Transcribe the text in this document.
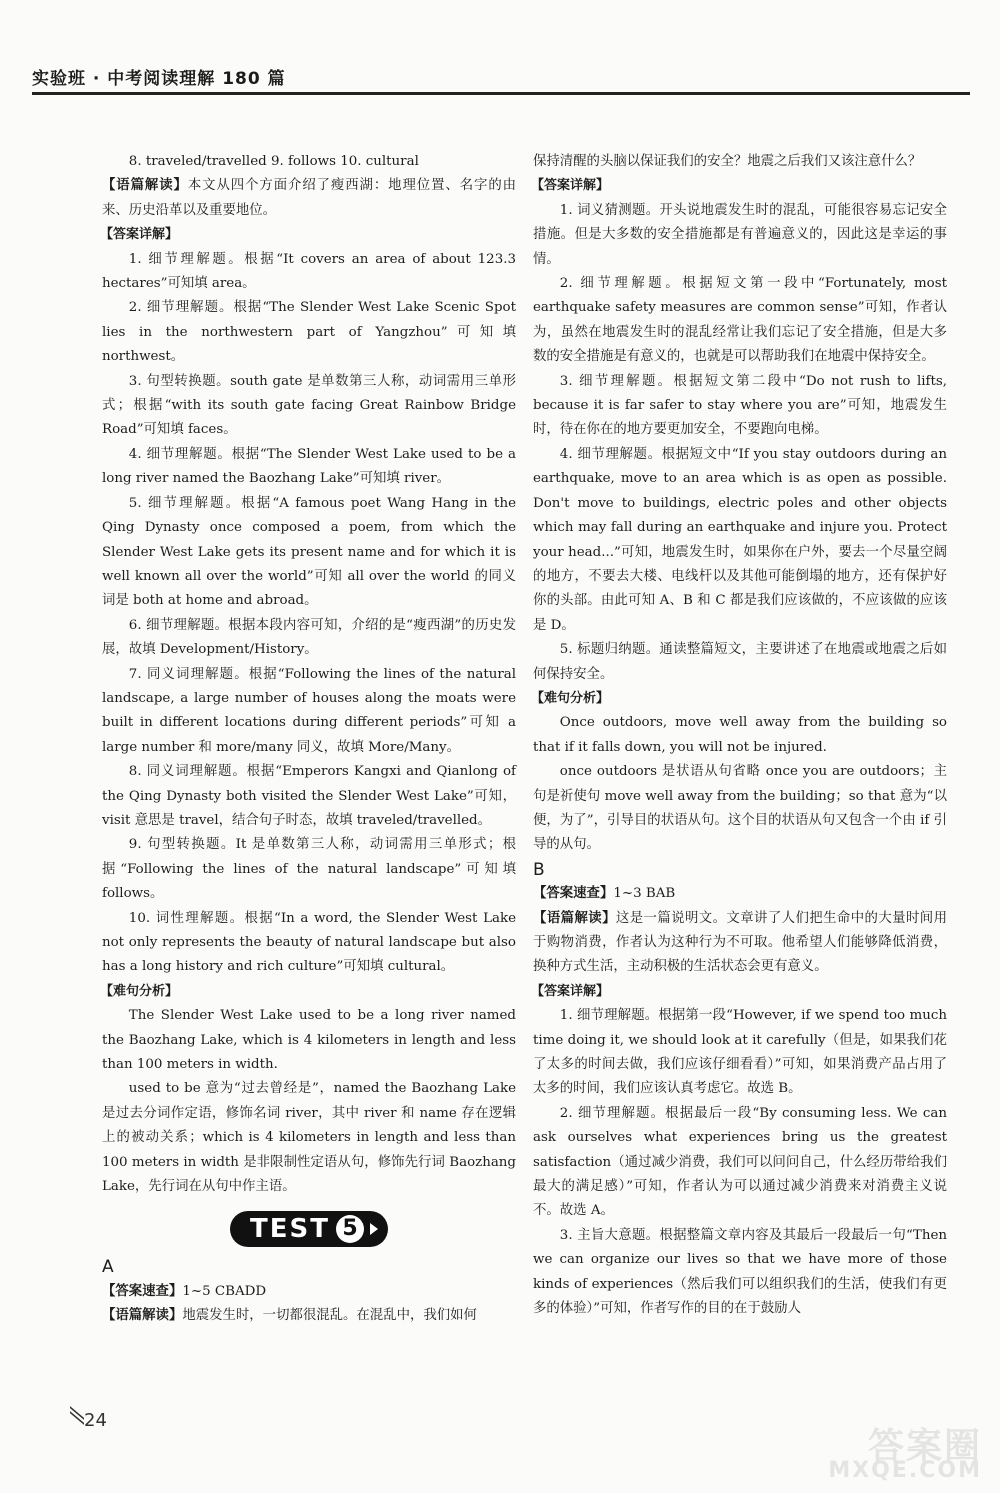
实验班 · 中考阅读理解 180 篇

8. traveled/travelled 9. follows 10. cultural

【语篇解读】本文从四个方面介绍了瘦西湖：地理位置、名字的由来、历史沿革以及重要地位。

【答案详解】

1. 细节理解题。根据“It covers an area of about 123.3 hectares”可知填 area。

2. 细节理解题。根据“The Slender West Lake Scenic Spot lies in the northwestern part of Yangzhou”可知填 northwest。

3. 句型转换题。south gate 是单数第三人称，动词需用三单形式；根据“with its south gate facing Great Rainbow Bridge Road”可知填 faces。

4. 细节理解题。根据“The Slender West Lake used to be a long river named the Baozhang Lake”可知填 river。

5. 细节理解题。根据“A famous poet Wang Hang in the Qing Dynasty once composed a poem, from which the Slender West Lake gets its present name and for which it is well known all over the world”可知 all over the world 的同义词是 both at home and abroad。

6. 细节理解题。根据本段内容可知，介绍的是“瘦西湖”的历史发展，故填 Development/History。

7. 同义词理解题。根据“Following the lines of the natural landscape, a large number of houses along the moats were built in different locations during different periods”可知 a large number 和 more/many 同义，故填 More/Many。

8. 同义词理解题。根据“Emperors Kangxi and Qianlong of the Qing Dynasty both visited the Slender West Lake”可知，visit 意思是 travel，结合句子时态，故填 traveled/travelled。

9. 句型转换题。It 是单数第三人称，动词需用三单形式；根据“Following the lines of the natural landscape”可知填 follows。

10. 词性理解题。根据“In a word, the Slender West Lake not only represents the beauty of natural landscape but also has a long history and rich culture”可知填 cultural。

【难句分析】

The Slender West Lake used to be a long river named the Baozhang Lake, which is 4 kilometers in length and less than 100 meters in width.

used to be 意为“过去曾经是”，named the Baozhang Lake 是过去分词作定语，修饰名词 river，其中 river 和 name 存在逻辑上的被动关系；which is 4 kilometers in length and less than 100 meters in width 是非限制性定语从句，修饰先行词 Baozhang Lake，先行词在从句中作主语。

TEST 5

A

【答案速查】1~5 CBADD

【语篇解读】地震发生时，一切都很混乱。在混乱中，我们如何

保持清醒的头脑以保证我们的安全？地震之后我们又该注意什么？

【答案详解】

1. 词义猜测题。开头说地震发生时的混乱，可能很容易忘记安全措施。但是大多数的安全措施都是有普遍意义的，因此这是幸运的事情。

2. 细节理解题。根据短文第一段中“Fortunately, most earthquake safety measures are common sense”可知，作者认为，虽然在地震发生时的混乱经常让我们忘记了安全措施，但是大多数的安全措施是有意义的，也就是可以帮助我们在地震中保持安全。

3. 细节理解题。根据短文第二段中“Do not rush to lifts, because it is far safer to stay where you are”可知，地震发生时，待在你在的地方要更加安全，不要跑向电梯。

4. 细节理解题。根据短文中“If you stay outdoors during an earthquake, move to an area which is as open as possible. Don't move to buildings, electric poles and other objects which may fall during an earthquake and injure you. Protect your head...”可知，地震发生时，如果你在户外，要去一个尽量空阔的地方，不要去大楼、电线杆以及其他可能倒塌的地方，还有保护好你的头部。由此可知 A、B 和 C 都是我们应该做的，不应该做的应该是 D。

5. 标题归纳题。通读整篇短文，主要讲述了在地震或地震之后如何保持安全。

【难句分析】

Once outdoors, move well away from the building so that if it falls down, you will not be injured.

once outdoors 是状语从句省略 once you are outdoors；主句是祈使句 move well away from the building；so that 意为“以便，为了”，引导目的状语从句。这个目的状语从句又包含一个由 if 引导的从句。

B

【答案速查】1~3 BAB

【语篇解读】这是一篇说明文。文章讲了人们把生命中的大量时间用于购物消费，作者认为这种行为不可取。他希望人们能够降低消费，换种方式生活，主动积极的生活状态会更有意义。

【答案详解】

1. 细节理解题。根据第一段“However, if we spend too much time doing it, we should look at it carefully（但是，如果我们花了太多的时间去做，我们应该仔细看看）”可知，如果消费产品占用了太多的时间，我们应该认真考虑它。故选 B。

2. 细节理解题。根据最后一段“By consuming less. We can ask ourselves what experiences bring us the greatest satisfaction（通过减少消费，我们可以问问自己，什么经历带给我们最大的满足感）”可知，作者认为可以通过减少消费来对消费主义说不。故选 A。

3. 主旨大意题。根据整篇文章内容及其最后一段最后一句“Then we can organize our lives so that we have more of those kinds of experiences（然后我们可以组织我们的生活，使我们有更多的体验）”可知，作者写作的目的在于鼓励人

24
答案圈
MXQE.COM
